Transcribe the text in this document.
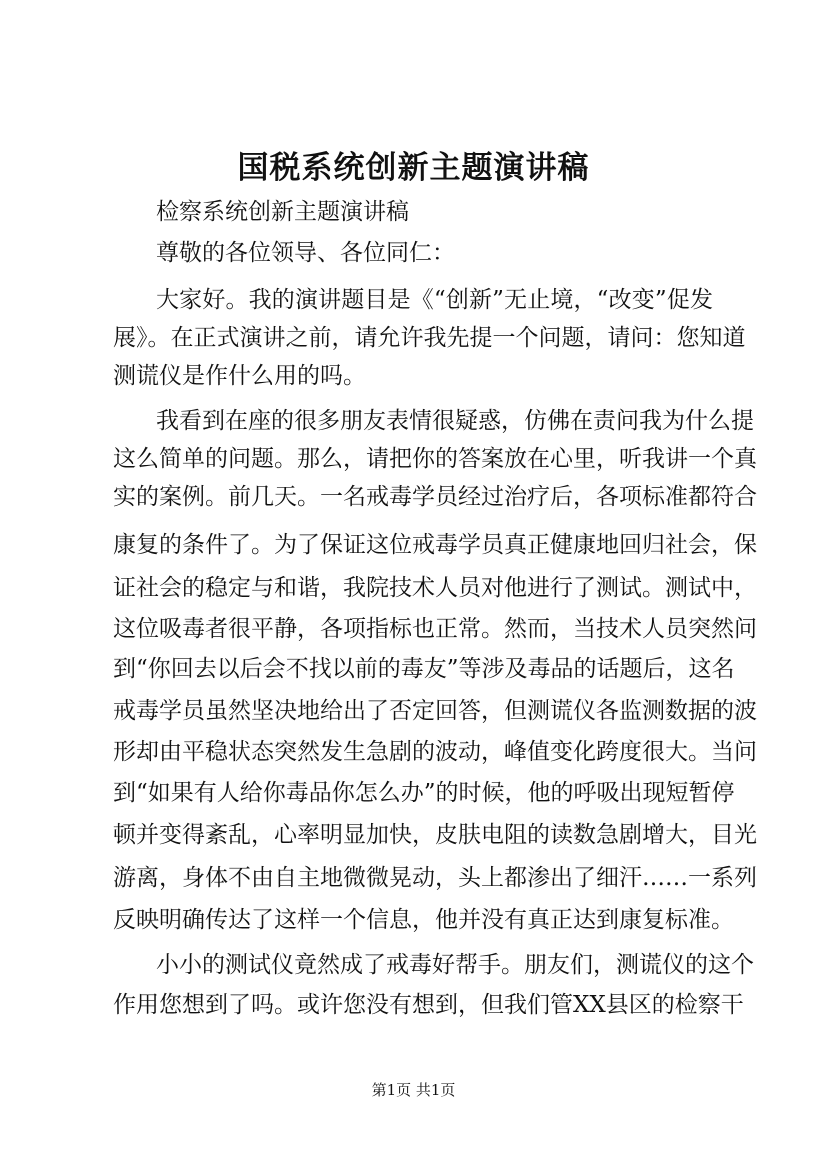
国税系统创新主题演讲稿
检察系统创新主题演讲稿
尊敬的各位领导、各位同仁：
大家好。我的演讲题目是《“创新”无止境，“改变”促发
展》。在正式演讲之前，请允许我先提一个问题，请问：您知道
测谎仪是作什么用的吗。
我看到在座的很多朋友表情很疑惑，仿佛在责问我为什么提
这么简单的问题。那么，请把你的答案放在心里，听我讲一个真
实的案例。前几天。一名戒毒学员经过治疗后，各项标准都符合
康复的条件了。为了保证这位戒毒学员真正健康地回归社会，保
证社会的稳定与和谐，我院技术人员对他进行了测试。测试中，
这位吸毒者很平静，各项指标也正常。然而，当技术人员突然问
到“你回去以后会不找以前的毒友”等涉及毒品的话题后，这名
戒毒学员虽然坚决地给出了否定回答，但测谎仪各监测数据的波
形却由平稳状态突然发生急剧的波动，峰值变化跨度很大。当问
到“如果有人给你毒品你怎么办”的时候，他的呼吸出现短暂停
顿并变得紊乱，心率明显加快，皮肤电阻的读数急剧增大，目光
游离，身体不由自主地微微晃动，头上都渗出了细汗……一系列
反映明确传达了这样一个信息，他并没有真正达到康复标准。
小小的测试仪竟然成了戒毒好帮手。朋友们，测谎仪的这个
作用您想到了吗。或许您没有想到，但我们管XX县区的检察干
第1页 共1页
